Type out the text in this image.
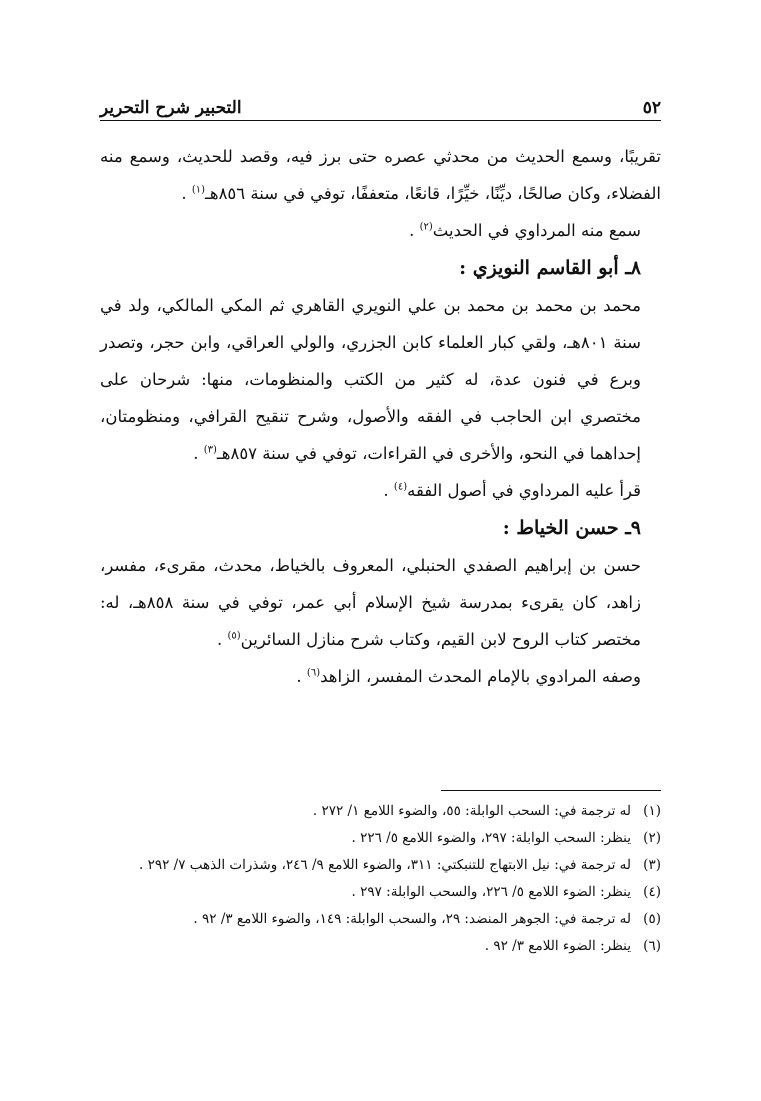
٥٢
التحبير شرح التحرير

تقريبًا، وسمع الحديث من محدثي عصره حتى برز فيه، وقصد للحديث، وسمع منه الفضلاء، وكان صالحًا، ديِّنًا، خيِّرًا، قانعًا، متعففًا، توفي في سنة ٨٥٦هـ$^{(١)}$ .

سمع منه المرداوي في الحديث$^{(٢)}$ .

٨ـ أبو القاسم النويزي :

محمد بن محمد بن محمد بن علي النويري القاهري ثم المكي المالكي، ولد في سنة ٨٠١هـ، ولقي كبار العلماء كابن الجزري، والولي العراقي، وابن حجر، وتصدر وبرع في فنون عدة، له كثير من الكتب والمنظومات، منها: شرحان على مختصري ابن الحاجب في الفقه والأصول، وشرح تنقيح القرافي، ومنظومتان، إحداهما في النحو، والأخرى في القراءات، توفي في سنة ٨٥٧هـ$^{(٣)}$ .

قرأ عليه المرداوي في أصول الفقه$^{(٤)}$ .

٩ـ حسن الخياط :

حسن بن إبراهيم الصفدي الحنبلي، المعروف بالخياط، محدث، مقرىء، مفسر، زاهد، كان يقرىء بمدرسة شيخ الإسلام أبي عمر، توفي في سنة ٨٥٨هـ، له: مختصر كتاب الروح لابن القيم، وكتاب شرح منازل السائرين$^{(٥)}$ .

وصفه المرادوي بالإمام المحدث المفسر، الزاهد$^{(٦)}$ .

(١)
له ترجمة في: السحب الوابلة: ٥٥، والضوء اللامع ١/ ٢٧٢ .
(٢)
ينظر: السحب الوابلة: ٢٩٧، والضوء اللامع ٥/ ٢٢٦ .
(٣)
له ترجمة في: نيل الابتهاج للتنبكتي: ٣١١، والضوء اللامع ٩/ ٢٤٦، وشذرات الذهب ٧/ ٢٩٢ .
(٤)
ينظر: الضوء اللامع ٥/ ٢٢٦، والسحب الوابلة: ٢٩٧ .
(٥)
له ترجمة في: الجوهر المنضد: ٢٩، والسحب الوابلة: ١٤٩، والضوء اللامع ٣/ ٩٢ .
(٦)
ينظر: الضوء اللامع ٣/ ٩٢ .
